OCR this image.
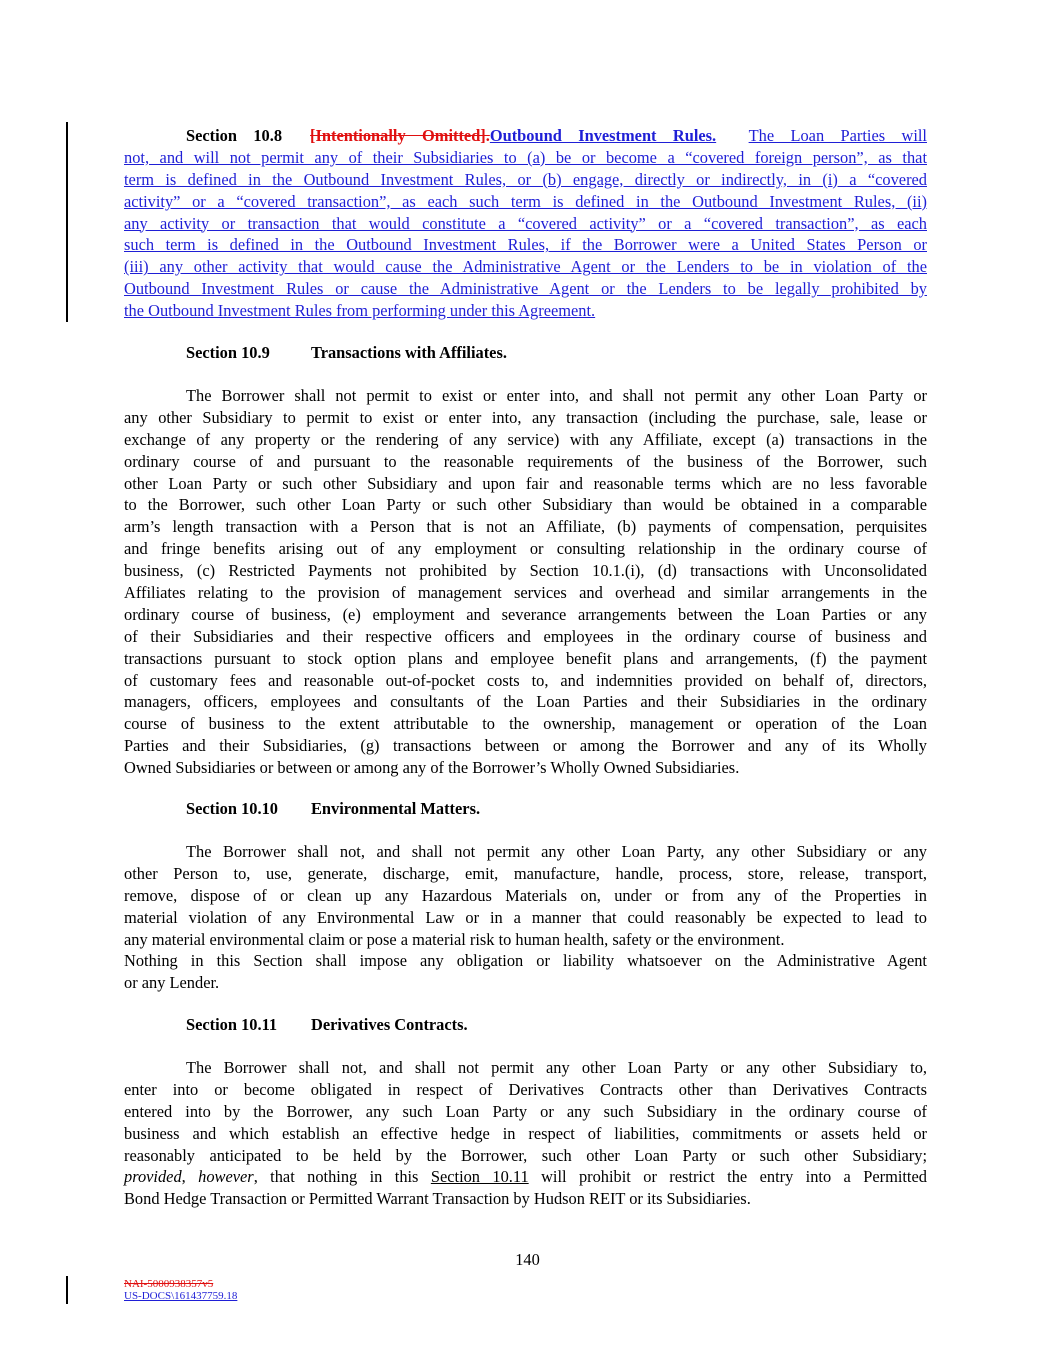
Section 10.8 [Intentionally Omitted].Outbound Investment Rules. The Loan Parties will
not, and will not permit any of their Subsidiaries to (a) be or become a “covered foreign person”, as that
term is defined in the Outbound Investment Rules, or (b) engage, directly or indirectly, in (i) a “covered
activity” or a “covered transaction”, as each such term is defined in the Outbound Investment Rules, (ii)
any activity or transaction that would constitute a “covered activity” or a “covered transaction”, as each
such term is defined in the Outbound Investment Rules, if the Borrower were a United States Person or
(iii) any other activity that would cause the Administrative Agent or the Lenders to be in violation of the
Outbound Investment Rules or cause the Administrative Agent or the Lenders to be legally prohibited by
the Outbound Investment Rules from performing under this Agreement.
Section 10.9	Transactions with Affiliates.
The Borrower shall not permit to exist or enter into, and shall not permit any other Loan Party or
any other Subsidiary to permit to exist or enter into, any transaction (including the purchase, sale, lease or
exchange of any property or the rendering of any service) with any Affiliate, except (a) transactions in the
ordinary course of and pursuant to the reasonable requirements of the business of the Borrower, such
other Loan Party or such other Subsidiary and upon fair and reasonable terms which are no less favorable
to the Borrower, such other Loan Party or such other Subsidiary than would be obtained in a comparable
arm’s length transaction with a Person that is not an Affiliate, (b) payments of compensation, perquisites
and fringe benefits arising out of any employment or consulting relationship in the ordinary course of
business, (c) Restricted Payments not prohibited by Section 10.1.(i), (d) transactions with Unconsolidated
Affiliates relating to the provision of management services and overhead and similar arrangements in the
ordinary course of business, (e) employment and severance arrangements between the Loan Parties or any
of their Subsidiaries and their respective officers and employees in the ordinary course of business and
transactions pursuant to stock option plans and employee benefit plans and arrangements, (f) the payment
of customary fees and reasonable out-of-pocket costs to, and indemnities provided on behalf of, directors,
managers, officers, employees and consultants of the Loan Parties and their Subsidiaries in the ordinary
course of business to the extent attributable to the ownership, management or operation of the Loan
Parties and their Subsidiaries, (g) transactions between or among the Borrower and any of its Wholly
Owned Subsidiaries or between or among any of the Borrower’s Wholly Owned Subsidiaries.
Section 10.10 Environmental Matters.
The Borrower shall not, and shall not permit any other Loan Party, any other Subsidiary or any
other Person to, use, generate, discharge, emit, manufacture, handle, process, store, release, transport,
remove, dispose of or clean up any Hazardous Materials on, under or from any of the Properties in
material violation of any Environmental Law or in a manner that could reasonably be expected to lead to
any material environmental claim or pose a material risk to human health, safety or the environment.
Nothing in this Section shall impose any obligation or liability whatsoever on the Administrative Agent
or any Lender.
Section 10.11 Derivatives Contracts.
The Borrower shall not, and shall not permit any other Loan Party or any other Subsidiary to,
enter into or become obligated in respect of Derivatives Contracts other than Derivatives Contracts
entered into by the Borrower, any such Loan Party or any such Subsidiary in the ordinary course of
business and which establish an effective hedge in respect of liabilities, commitments or assets held or
reasonably anticipated to be held by the Borrower, such other Loan Party or such other Subsidiary;
provided, however, that nothing in this Section 10.11 will prohibit or restrict the entry into a Permitted
Bond Hedge Transaction or Permitted Warrant Transaction by Hudson REIT or its Subsidiaries.
140
NAI-5000938357v5
US-DOCS\161437759.18
